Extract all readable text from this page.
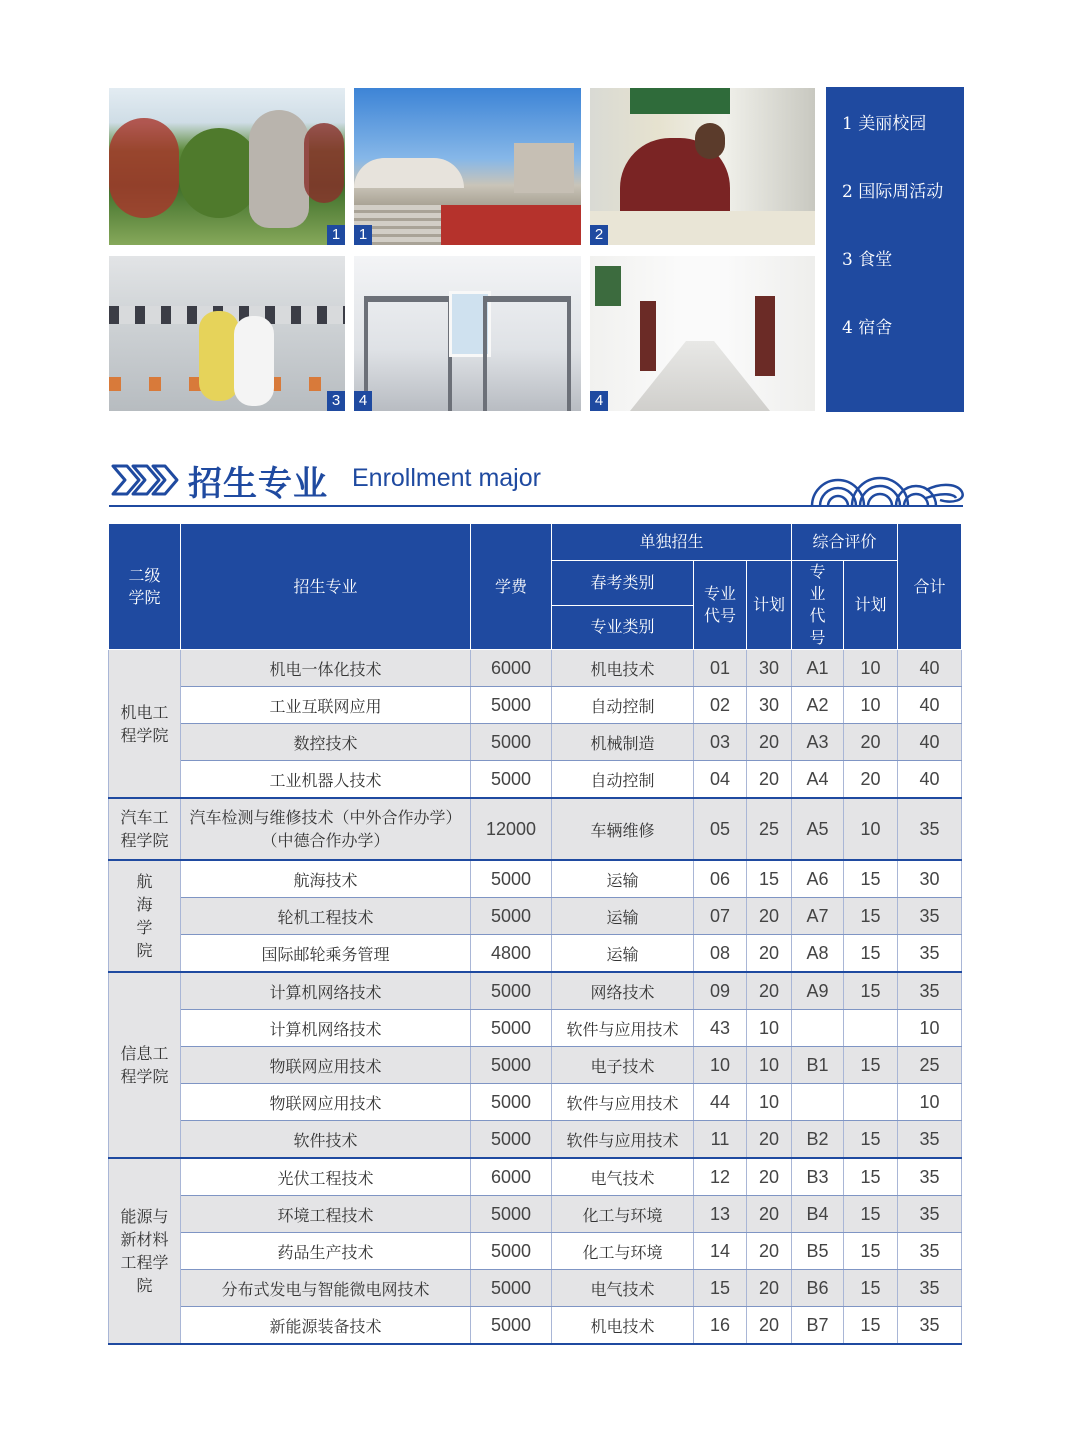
1	1	2
3	4	4
1 美丽校园
2 国际周活动
3 食堂
4 宿舍
招生专业 Enrollment major
二级学院	招生专业	学费	单独招生			综合评价		合计
			春考类别	专业代号	计划	专业代号	计划	
			专业类别					
机电工程学院	机电一体化技术	6000	机电技术	01	30	A1	10	40
	工业互联网应用	5000	自动控制	02	30	A2	10	40
	数控技术	5000	机械制造	03	20	A3	20	40
	工业机器人技术	5000	自动控制	04	20	A4	20	40
汽车工程学院	汽车检测与维修技术（中外合作办学）（中德合作办学）	12000	车辆维修	05	25	A5	10	35
航海学院	航海技术	5000	运输	06	15	A6	15	30
	轮机工程技术	5000	运输	07	20	A7	15	35
	国际邮轮乘务管理	4800	运输	08	20	A8	15	35
信息工程学院	计算机网络技术	5000	网络技术	09	20	A9	15	35
	计算机网络技术	5000	软件与应用技术	43	10			10
	物联网应用技术	5000	电子技术	10	10	B1	15	25
	物联网应用技术	5000	软件与应用技术	44	10			10
	软件技术	5000	软件与应用技术	11	20	B2	15	35
能源与新材料工程学院	光伏工程技术	6000	电气技术	12	20	B3	15	35
	环境工程技术	5000	化工与环境	13	20	B4	15	35
	药品生产技术	5000	化工与环境	14	20	B5	15	35
	分布式发电与智能微电网技术	5000	电气技术	15	20	B6	15	35
	新能源装备技术	5000	机电技术	16	20	B7	15	35
